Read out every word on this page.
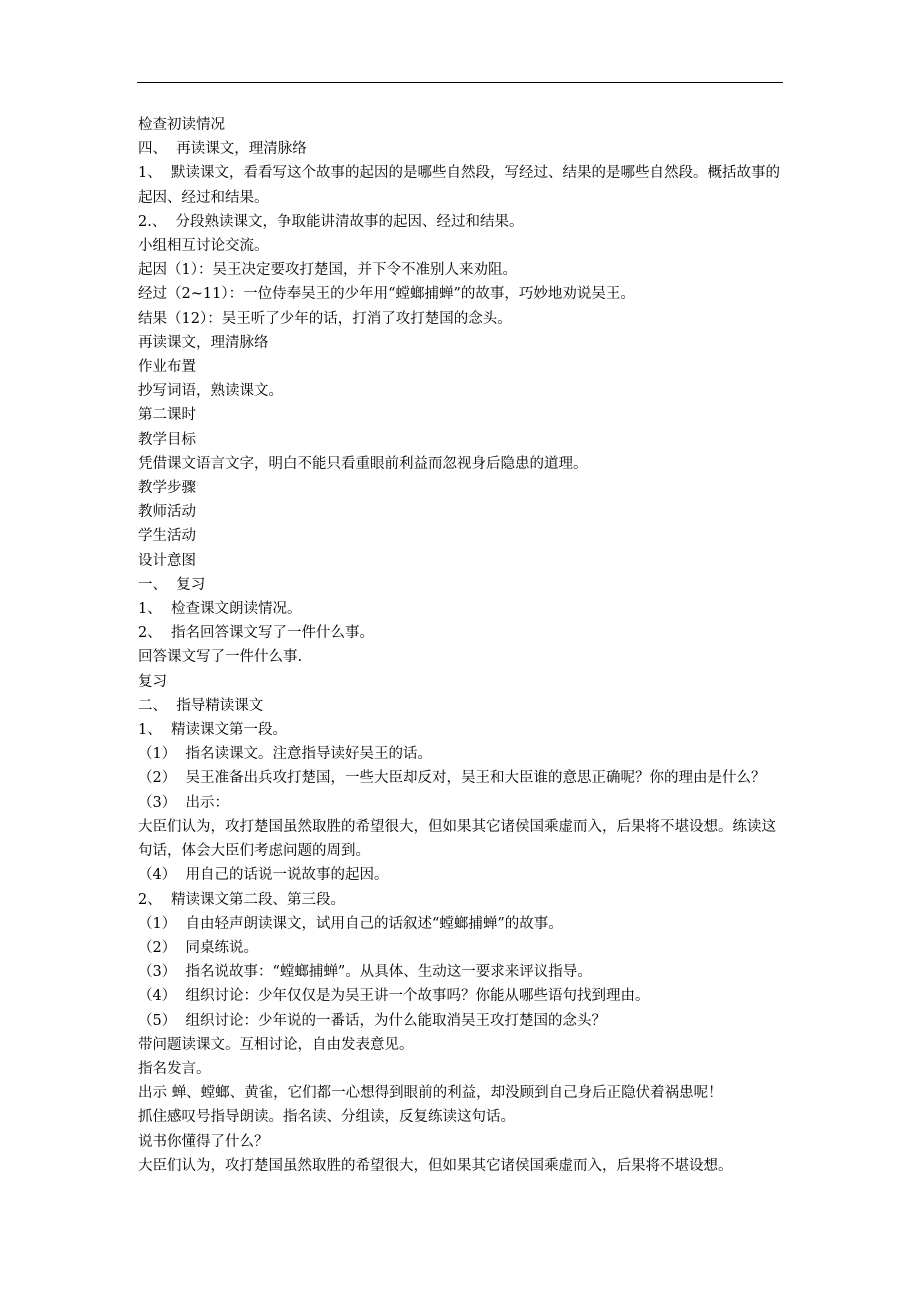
检查初读情况

四、  再读课文，理清脉络

1、  默读课文，看看写这个故事的起因的是哪些自然段，写经过、结果的是哪些自然段。概括故事的起因、经过和结果。

2.、  分段熟读课文，争取能讲清故事的起因、经过和结果。

小组相互讨论交流。

起因（1）：吴王决定要攻打楚国，并下令不准别人来劝阻。

经过（2~11）：一位侍奉吴王的少年用“螳螂捕蝉”的故事，巧妙地劝说吴王。

结果（12）：吴王听了少年的话，打消了攻打楚国的念头。

再读课文，理清脉络

作业布置

抄写词语，熟读课文。

第二课时

教学目标

凭借课文语言文字，明白不能只看重眼前利益而忽视身后隐患的道理。

教学步骤

教师活动

学生活动

设计意图

一、  复习

1、  检查课文朗读情况。

2、  指名回答课文写了一件什么事。

回答课文写了一件什么事.

复习

二、  指导精读课文

1、  精读课文第一段。

（1）  指名读课文。注意指导读好吴王的话。

（2）  吴王准备出兵攻打楚国，一些大臣却反对，吴王和大臣谁的意思正确呢？你的理由是什么？（3）  出示：

大臣们认为，攻打楚国虽然取胜的希望很大，但如果其它诸侯国乘虚而入，后果将不堪设想。练读这句话，体会大臣们考虑问题的周到。

（4）  用自己的话说一说故事的起因。

2、  精读课文第二段、第三段。

（1）  自由轻声朗读课文，试用自己的话叙述“螳螂捕蝉”的故事。

（2）  同桌练说。

（3）  指名说故事：“螳螂捕蝉”。从具体、生动这一要求来评议指导。

（4）  组织讨论：少年仅仅是为吴王讲一个故事吗？你能从哪些语句找到理由。

（5）  组织讨论：少年说的一番话，为什么能取消吴王攻打楚国的念头？

带问题读课文。互相讨论，自由发表意见。

指名发言。

出示 蝉、螳螂、黄雀，它们都一心想得到眼前的利益，却没顾到自己身后正隐伏着祸患呢！

抓住感叹号指导朗读。指名读、分组读，反复练读这句话。

说书你懂得了什么？

大臣们认为，攻打楚国虽然取胜的希望很大，但如果其它诸侯国乘虚而入，后果将不堪设想。
